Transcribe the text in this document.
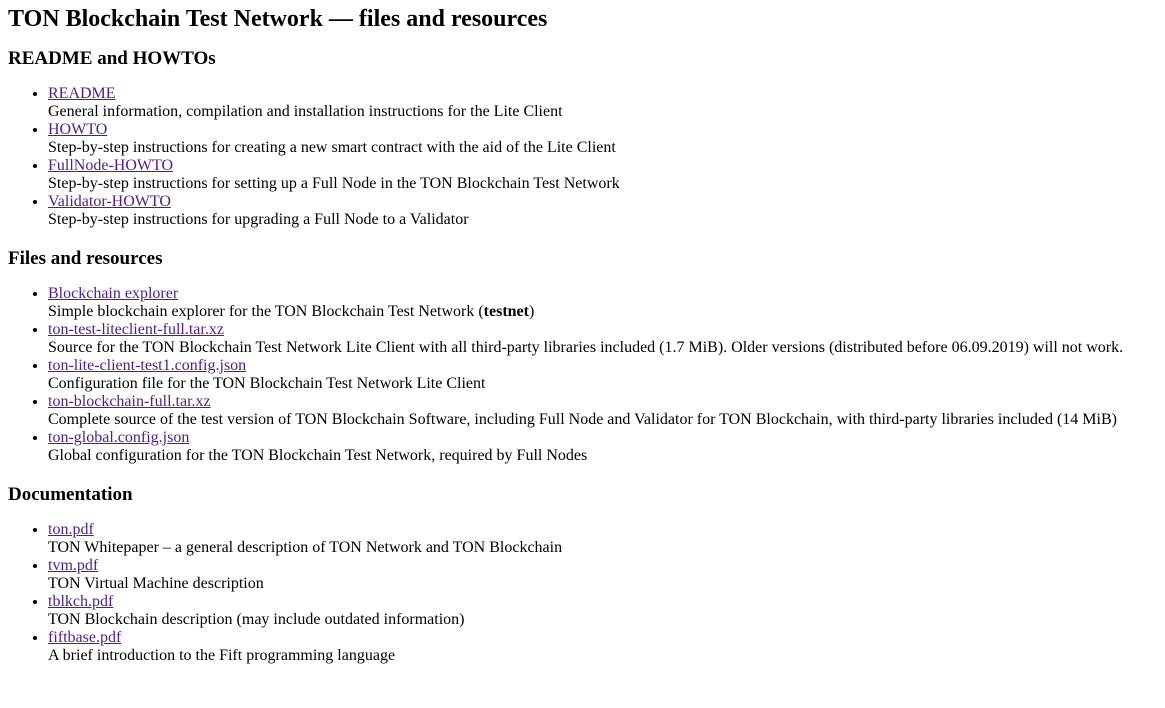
TON Blockchain Test Network — files and resources
README and HOWTOs
• README
General information, compilation and installation instructions for the Lite Client
• HOWTO
Step-by-step instructions for creating a new smart contract with the aid of the Lite Client
• FullNode-HOWTO
Step-by-step instructions for setting up a Full Node in the TON Blockchain Test Network
• Validator-HOWTO
Step-by-step instructions for upgrading a Full Node to a Validator
Files and resources
• Blockchain explorer
Simple blockchain explorer for the TON Blockchain Test Network (testnet)
• ton-test-liteclient-full.tar.xz
Source for the TON Blockchain Test Network Lite Client with all third-party libraries included (1.7 MiB). Older versions (distributed before 06.09.2019) will not work.
• ton-lite-client-test1.config.json
Configuration file for the TON Blockchain Test Network Lite Client
• ton-blockchain-full.tar.xz
Complete source of the test version of TON Blockchain Software, including Full Node and Validator for TON Blockchain, with third-party libraries included (14 MiB)
• ton-global.config.json
Global configuration for the TON Blockchain Test Network, required by Full Nodes
Documentation
• ton.pdf
TON Whitepaper – a general description of TON Network and TON Blockchain
• tvm.pdf
TON Virtual Machine description
• tblkch.pdf
TON Blockchain description (may include outdated information)
• fiftbase.pdf
A brief introduction to the Fift programming language
